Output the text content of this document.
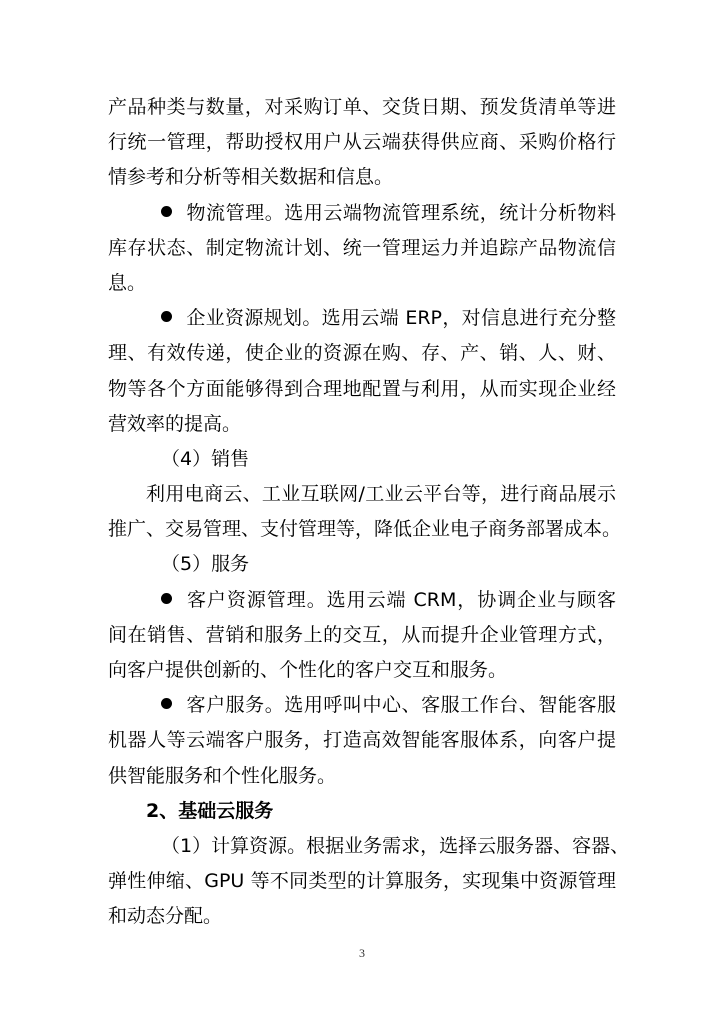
产品种类与数量，对采购订单、交货日期、预发货清单等进
行统一管理，帮助授权用户从云端获得供应商、采购价格行
情参考和分析等相关数据和信息。
物流管理。选用云端物流管理系统，统计分析物料
库存状态、制定物流计划、统一管理运力并追踪产品物流信
息。
企业资源规划。选用云端 ERP，对信息进行充分整
理、有效传递，使企业的资源在购、存、产、销、人、财、
物等各个方面能够得到合理地配置与利用，从而实现企业经
营效率的提高。
（4）销售
利用电商云、工业互联网/工业云平台等，进行商品展示
推广、交易管理、支付管理等，降低企业电子商务部署成本。
（5）服务
客户资源管理。选用云端 CRM，协调企业与顾客
间在销售、营销和服务上的交互，从而提升企业管理方式，
向客户提供创新的、个性化的客户交互和服务。
客户服务。选用呼叫中心、客服工作台、智能客服
机器人等云端客户服务，打造高效智能客服体系，向客户提
供智能服务和个性化服务。
2、基础云服务
（1）计算资源。根据业务需求，选择云服务器、容器、
弹性伸缩、GPU 等不同类型的计算服务，实现集中资源管理
和动态分配。
3
